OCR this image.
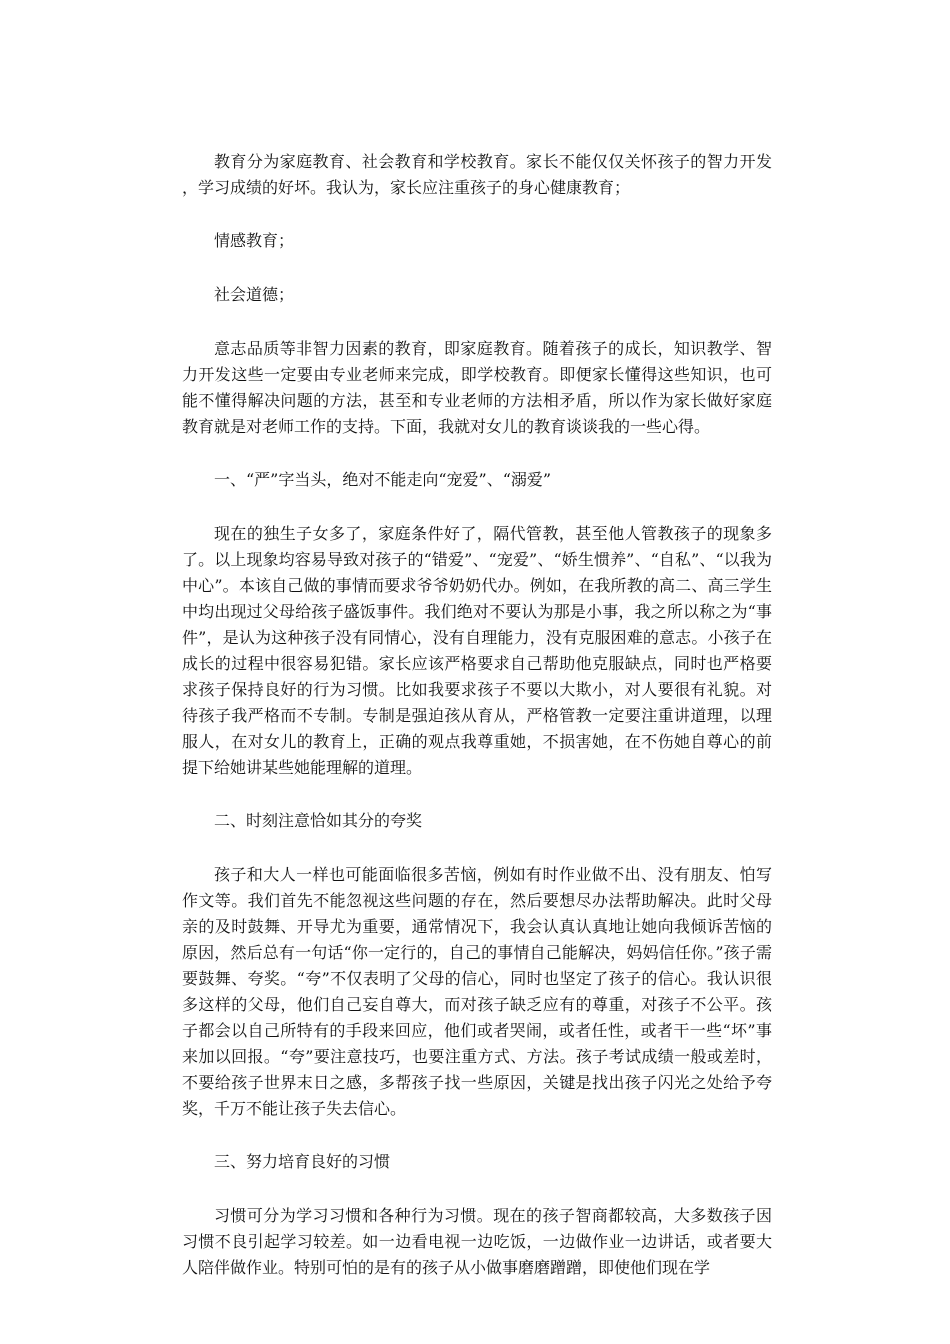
教育分为家庭教育、社会教育和学校教育。家长不能仅仅关怀孩子的智力开发，学习成绩的好坏。我认为，家长应注重孩子的身心健康教育；

情感教育；

社会道德；

意志品质等非智力因素的教育，即家庭教育。随着孩子的成长，知识教学、智力开发这些一定要由专业老师来完成，即学校教育。即便家长懂得这些知识，也可能不懂得解决问题的方法，甚至和专业老师的方法相矛盾，所以作为家长做好家庭教育就是对老师工作的支持。下面，我就对女儿的教育谈谈我的一些心得。

一、“严”字当头，绝对不能走向“宠爱”、“溺爱”

现在的独生子女多了，家庭条件好了，隔代管教，甚至他人管教孩子的现象多了。以上现象均容易导致对孩子的“错爱”、“宠爱”、“娇生惯养”、“自私”、“以我为中心”。本该自己做的事情而要求爷爷奶奶代办。例如，在我所教的高二、高三学生中均出现过父母给孩子盛饭事件。我们绝对不要认为那是小事，我之所以称之为“事件”，是认为这种孩子没有同情心，没有自理能力，没有克服困难的意志。小孩子在成长的过程中很容易犯错。家长应该严格要求自己帮助他克服缺点，同时也严格要求孩子保持良好的行为习惯。比如我要求孩子不要以大欺小，对人要很有礼貌。对待孩子我严格而不专制。专制是强迫孩从育从，严格管教一定要注重讲道理，以理服人，在对女儿的教育上，正确的观点我尊重她，不损害她，在不伤她自尊心的前提下给她讲某些她能理解的道理。

二、时刻注意恰如其分的夸奖

孩子和大人一样也可能面临很多苦恼，例如有时作业做不出、没有朋友、怕写作文等。我们首先不能忽视这些问题的存在，然后要想尽办法帮助解决。此时父母亲的及时鼓舞、开导尤为重要，通常情况下，我会认真认真地让她向我倾诉苦恼的原因，然后总有一句话“你一定行的，自己的事情自己能解决，妈妈信任你。”孩子需要鼓舞、夸奖。“夸”不仅表明了父母的信心，同时也坚定了孩子的信心。我认识很多这样的父母，他们自己妄自尊大，而对孩子缺乏应有的尊重，对孩子不公平。孩子都会以自己所特有的手段来回应，他们或者哭闹，或者任性，或者干一些“坏”事来加以回报。“夸”要注意技巧，也要注重方式、方法。孩子考试成绩一般或差时，不要给孩子世界末日之感，多帮孩子找一些原因，关键是找出孩子闪光之处给予夸奖，千万不能让孩子失去信心。

三、努力培育良好的习惯

习惯可分为学习习惯和各种行为习惯。现在的孩子智商都较高，大多数孩子因习惯不良引起学习较差。如一边看电视一边吃饭，一边做作业一边讲话，或者要大人陪伴做作业。特别可怕的是有的孩子从小做事磨磨蹭蹭，即使他们现在学
